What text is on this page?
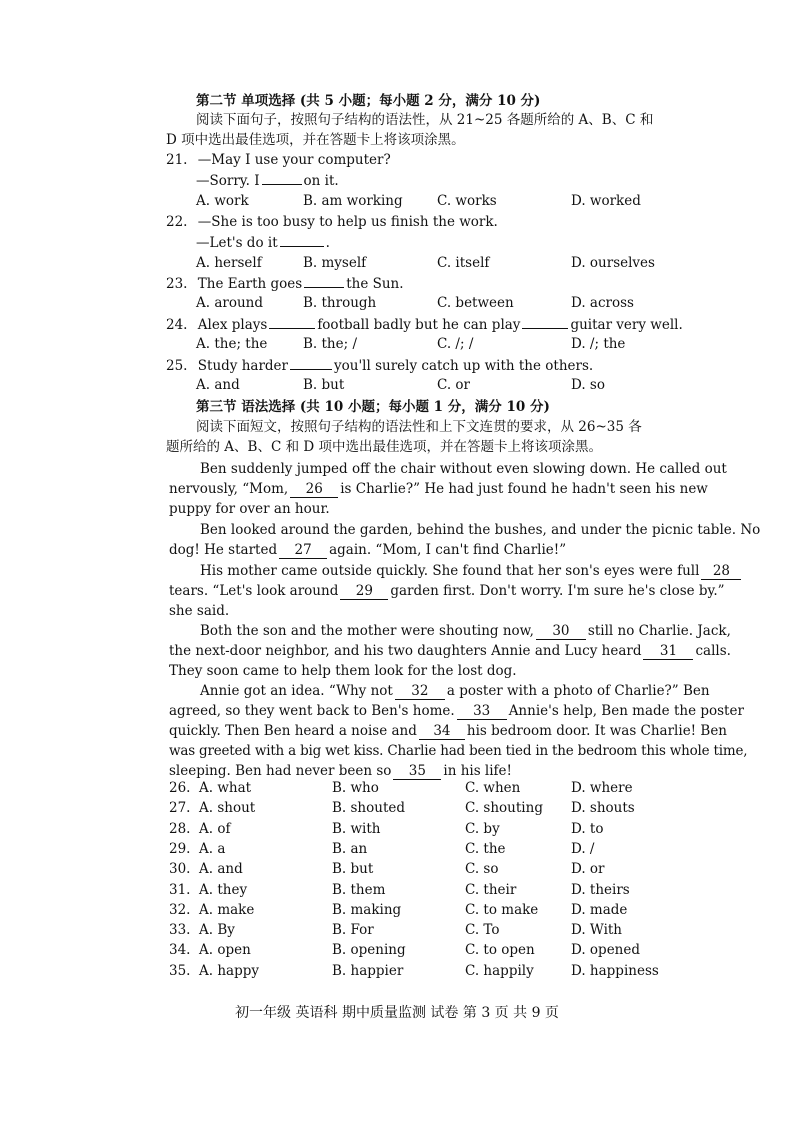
第二节 单项选择 (共 5 小题；每小题 2 分，满分 10 分)
阅读下面句子，按照句子结构的语法性，从 21~25 各题所给的 A、B、C 和
D 项中选出最佳选项，并在答题卡上将该项涂黑。
21. —May I use your computer?
—Sorry. I	on it.
A. work	B. am working	C. works	D. worked
22. —She is too busy to help us finish the work.
—Let's do it	.
A. herself	B. myself	C. itself	D. ourselves
23. The Earth goes	the Sun.
A. around	B. through	C. between	D. across
24. Alex plays	football badly but he can play	guitar very well.
A. the; the	B. the; /	C. /; /	D. /; the
25. Study harder	you'll surely catch up with the others.
A. and	B. but	C. or	D. so
第三节 语法选择 (共 10 小题；每小题 1 分，满分 10 分)
阅读下面短文，按照句子结构的语法性和上下文连贯的要求，从 26~35 各
题所给的 A、B、C 和 D 项中选出最佳选项，并在答题卡上将该项涂黑。
Ben suddenly jumped off the chair without even slowing down. He called out
nervously, “Mom, 26 is Charlie?” He had just found he hadn't seen his new
puppy for over an hour.
Ben looked around the garden, behind the bushes, and under the picnic table. No
dog! He started 27 again. “Mom, I can't find Charlie!”
His mother came outside quickly. She found that her son's eyes were full 28
tears. “Let's look around 29 garden first. Don't worry. I'm sure he's close by.”
she said.
Both the son and the mother were shouting now, 30 still no Charlie. Jack,
the next-door neighbor, and his two daughters Annie and Lucy heard 31 calls.
They soon came to help them look for the lost dog.
Annie got an idea. “Why not 32 a poster with a photo of Charlie?” Ben
agreed, so they went back to Ben's home. 33 Annie's help, Ben made the poster
quickly. Then Ben heard a noise and 34 his bedroom door. It was Charlie! Ben
was greeted with a big wet kiss. Charlie had been tied in the bedroom this whole time,
sleeping. Ben had never been so 35 in his life!
26. A. what	B. who	C. when	D. where
27. A. shout	B. shouted	C. shouting D. shouts
28. A. of	B. with	C. by	D. to
29. A. a	B. an	C. the	D. /
30. A. and	B. but	C. so	D. or
31. A. they	B. them	C. their	D. theirs
32. A. make	B. making	C. to make D. made
33. A. By	B. For	C. To	D. With
34. A. open	B. opening	C. to open	D. opened
35. A. happy	B. happier	C. happily	D. happiness
初一年级 英语科 期中质量监测 试卷 第 3 页 共 9 页
